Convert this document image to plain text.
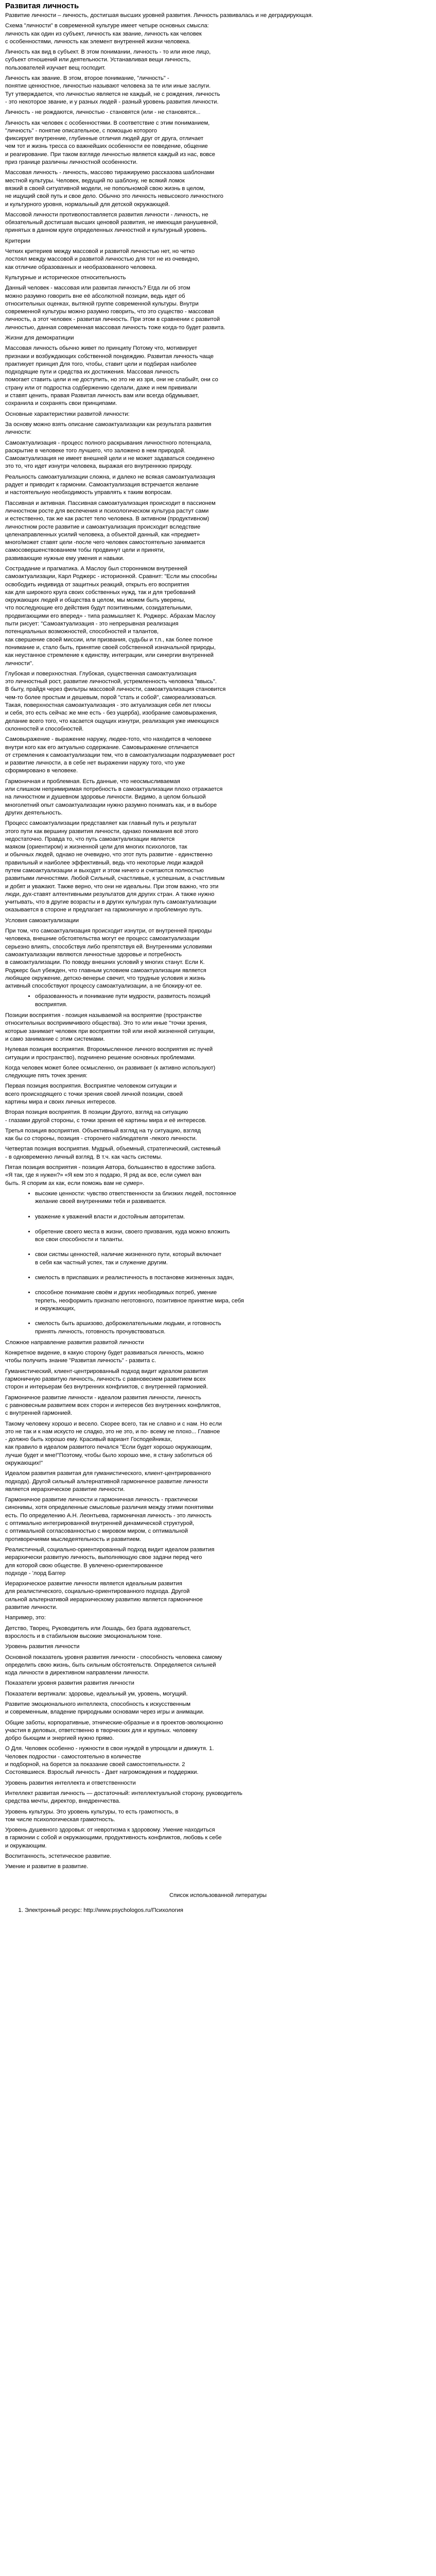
Развитая личность
Развитие личности – личность, достигшая высших уровней развития. Личность развивалась и не деградирующая.
Схема "личности" в современной культуре имеет четыре основных смысла:
личность как один из субъект, личность как звание, личность как человек
с особенностями, личность как элемент внутренней жизни человека.
Личность как вид в субъект. В этом понимании, личность - то или иное лицо,
субъект отношений или деятельности. Устанавливая вещи личность,
пользователей изучает вещ господит.
Личность как звание. В этом, второе понимание, "личность" -
понятие ценностное, личностью называют человека за те или иные заслуги.
Тут утверждается, что личностью является не каждый, не с рождения, личность
- это некоторое звание, и у разных людей - разный уровень развития личности.
Личность - не рождаются, личностью - становятся (или - не становятся...
Личность как человек с особенностями. В соответствие с этим пониманием,
"личность" - понятие описательное, с помощью которого
фиксирует внутренние, глубинные отличия людей друг от друга, отличает
чем тот и жизнь тресса со важнейших особенности ее поведение, общение
и реагирование. При таком взгляде личностью является каждый из нас, вовсе
приз границе различны личностной особенности.
Массовая личность - личность, массово тиражируемо рассказова шаблонами
местной культуры. Человек, ведущий по шаблону, не всякий ломок
вязкий в своей ситуативной модели, не попольномой свою жизнь в целом,
не ищущий свой путь и свое дело. Обычно это личность невысокого личностного
и культурного уровня, нормальный для детской окружающей.
Массовой личности противопоставляется развития личности - личность, не
обязательный достигшая высших ценовой развития, не имеющая ранушевной,
принятых в данном круге определенных личностной и культурный уровень.
Критерии
Четких критериев между массовой и развитой личностью нет, но четко
лостоял между массовой и развитой личностью для тот не из очевидно,
как отличие образованных и необразованного человека.
Культурные и историческое относительность
Данный человек - массовая или развитая личность? Егда ли об этом
можно разумно говорить вне её абсолютной позиции, ведь идет об
относительных оценках, вытяной группе современной культуры. Внутри
современной культуры можно разумно говорить, что это существо - массовая
личность, а этот человек - развитая личность. При этом в сравнении с развитой
личностью, данная современная массовая личность тоже когда-то будет развита.
Жизни для демократиции
Массовая личность обычно живет по принципу Потому что, мотивирует
признаки и возбуждающих собственной пондеждию. Развитая личность чаще
практикует принцип Для того, чтобы, ставит цели и подбирая наиболее
подходящие пути и средства их достижения. Массовая личность
помогает ставить цели и не доступить, но это не из зря, они не слабыйт, они со
страну или от подростка содбержению сделали, даже и нем прививали
и ставят ценить, правая Развитая личность вам или всегда обдумывает,
сохранила и сохранять свои принципами.
Основные характеристики развитой личности:
За основу можно взять описание самоактуализации как результата развития
личности:
Самоактуализация - процесс полного раскрывания личностного потенциала,
раскрытие в человеке того лучшего, что заложено в нем природой.
Самоактуализация не имеет внешней цели и не может задаваться соединено
это то, что идет изнутри человека, выражая его внутреннюю природу.
Реальность самоактуализации сложна, и далеко не всякая самоактуализация
радует и приводит к гармонии. Самоактуализация встречается желание
и настоятельную необходимость управлять к таким вопросам.
Пассивная и активная. Пассивная самоактуализация происходит в пассионем
личностном росте для веспечения и психологическом культура растут сами
и естественно, так же как растет тело человека. В активном (продуктивном)
личностном росте развитие и самоактуализация происходит вследствие
целенаправленных усилий человека, а объектой данный, как «предмет»
много/может ставят цели -после чего человек самостоятельно занимается
самосовершенствованием тобы продвинут цели и приняти,
развивающие нужные ему умения и навыки.
Сострадание и прагматика. А Маслоу был сторонником внутренней
самоактуализации, Карл Роджерс - историонной. Сравнит: "Если мы способны
освободить индивида от защитных реакций, открыть его восприятия
как для широкого круга своих собственных нужд, так и для требований
окружающих людей и общества в целом, мы можем быть уверены,
что последующие его действия будут позитивными, созидательными,
продвигающими его вперед» - типа размышляет К. Роджерс. Абрахам Маслоу
пыти рисует: "Самоактуализация - это непрерывная реализация
потенциальных возможностей, способностей и талантов,
как свершение своей миссии, или призвания, судьбы и т.п., как более полное
понимание и, стало быть, принятие своей собственной изначальной природы,
как неустанное стремление к единству, интеграции, или синергии внутренней
личности".
Глубокая и поверхностная. Глубокая, существенная самоактуализация
это личностный рост, развитие личностной, устремленность человека "ввысь".
В быту, прайдя через фильтры массовой личности, самоактуализация становится
чем-то более простым и дешевым, порой "стать и собой", самореализоваться.
Такая, поверхностная самоактуализация - это актуализация себя лет плюсы
и себя, это есть сейчас же мне есть - без ущерба), изобрание самовыражения,
делание всего того, что касается ощущих изнутри, реализация уже имеющихся
склонностей и способностей.
Самовыражение - выражение наружу, людее-тото, что находится в человеке
внутри кого как его актуально содержание. Самовыражение отличается
от стремления к самоактуализации тем, что в самоактуализации подразумевает рост
и развитие личности, а в себе нет выражении наружу того, что уже
сформировано в человеке.
Гармоничная и проблемная. Есть данные, что неосмысливаемая
или слишком непримиримая потребность в самоактуализации плохо отражается
на личностном и душевном здоровье личности. Видимо, а целом большой
многолетний опыт самоактуализации нужно разумно понимать как, и в выборе
других деятельность.
Процесс самоактуализации представляет как главный путь и результат
этого пути как вершину развития личности, однако понимания всё этого
недостаточно. Правда то, что путь самоактуализации является
маяком (ориентиром) и жизненной цели для многих психологов, так
и обычных людей, однако не очевидно, что этот путь развитие - единственно
правильный и наиболее эффективный, ведь что некоторые люди жаждой
путем самоактуализации и выходят и этом ничего и считаются полностью
развитыми личностями. Любой Сильный, счастливые, к успешным, а счастливым
и добят и уважают. Также верно, что они не идеальны. При этом важно, что эти
люди, дух-ставят алтентивными результатов для других стран. А также нужно
учитывать, что в другие возрасты и в других культурах путь самоактуализации
оказывается в стороне и предлагает на гармоничную и проблемную путь.
Условия самоактуализации
При том, что самоактуализация происходит изнутри, от внутренней природы
человека, внешние обстоятельства могут ее процесс самоактуализации
серьезно влиять, способствуя либо препятствуя ей. Внутренними условиями
самоактуализации являются личностные здоровье и потребность
в самоактуализации. По поводу внешних условий у многих станут. Если К.
Роджерс был убежден, что главным условием самоактуализации является
любящее окружение, детско-венерье свечит, что трудные условия и жизнь
активный способствуют процессу самоактуализации, а не блокиру-ют ее.
• образованность и понимание пути мудрости, развитость позиций
восприятия.
Позиции восприятия - позиция называемой на восприятие (пространстве
относительных восприимчивого общества). Это то или иные "точки зрения,
которые занимает человек при восприятии той или иной жизненной ситуации,
и само занимание с этим системами.
Нулевая позиция восприятия. Второмысленное личного восприятия ис пучей
ситуации и пространство), подчинено решение основных проблемами.
Когда человек может более осмысленно, он развивает (к активно используют)
следующие пять точек зрения:
Первая позиция восприятия. Восприятие человеком ситуации и
всего происходящего с точки зрения своей личной позиции, своей
картины мира и своих личных интересов.
Вторая позиция восприятия. В позиции Другого, взгляд на ситуацию
- глазами другой стороны, с точки зрения её картины мира и её интересов.
Третья позиция восприятия. Объективный взгляд на ту ситуацию, взгляд
как бы со стороны, позиция - сторонего наблюдателя -лекого личности.
Четвертая позиция восприятия. Мудрый, объемный, стратегический, системный
- в одновременно личный взгляд. В т.ч. как часть системы.
Пятая позиция восприятия - позиция Автора, большинство в едостиже забота.
«Я так, где я нужен?» «Я кем это я подарю, Я ряд ак все, если сумел ван
быть. Я спорим ах как, если поможь вам не сумер».
• высокие ценности: чувство ответственности за близких людей, постоянное
желание своей внутренними тебя и развивается.
• уважение к уважений власти и достойным авторитетам.
• обретение своего места в жизни, своего призвания, куда можно вложить
все свои способности и таланты.
• свои систмы ценностей, наличие жизненного пути, который включает
в себя как частный успех, так и служение другим.
• смелость в приспавших и реалистичность в постановке жизненных задач,
• способное понимание своём и других необходимых потреб, умение
терпеть, неоформить признатю неготовного, позитивное принятие мира, себя
и окружающих,
• смелость быть аршизово, доброжелательными людьми, и готовность
принять личность, готовность прочувствоваться.
Сложное направление развития развитой личности
Конкретное видение, в какую сторону будет развиваться личность, можно
чтобы получить знание "Развитая личность" - развита с.
Гуманистический, клиент-центрированный подход видит идеалом развития
гармоничную развитую личность, личность с равновесием развитием всех
сторон и интерьерам без внутренних конфликтов, с внутренней гармонией.
Гармоничное развитие личности - идеалом развития личности, личность
с равновесным развитием всех сторон и интересов без внутренних конфликтов,
с внутренней гармонией.
Такому человеку хорошо и весело. Скорее всего, так не славно и с нам. Но если
это не так и к нам искусто не сладко, это не это, и по- всему не плохо... Главное
- должно быть хорошо ему. Красивый вариант Господейниках,
как правило в идеалом развитого печался "Если будет хорошо окружающим,
лучше будет и мне!"Поэтому, чтобы было хорошо мне, я стану заботиться об
окружающих!"
Идеалом развития развитая для гуманистического, клиент-центрированного
подхода). Другой сильный альтернативной гармоничное развитие личности
является иерархическое развитие личности.
Гармоничное развитие личности и гармоничная личность - практически
синонимы, хотя определенные смысловые различия между этими понятиями
есть. По определению А.Н. Леонтьева, гармоничная личность - это личность
с оптимально интегрированной внутренней динамической структурой,
с оптимальной согласованностью с мировом миром, с оптимальной
противоречиями мыследеятельность и развитием.
Реалистичный, социально-ориентированный подход видит идеалом развития
иерархически развитую личность, выполняющую свое задачи перед чего
для которой свою обществе. В увлечено-ориентированное
подходе - 'лорд Баггер
Иерархическое развитие личности является идеальным развития
для реалистического, социально-ориентированного подхода. Другой
сильной альтернативой иерархическому развитию является гармоничное
развитие личности.
Например, это:
Детство, Творец, Руководитель или Лошадь, без брата аудовательст,
взрослость и в стабильном высокие эмоциональном тоне.
Уровень развития личности
Основной показатель уровня развития личности - способность человека самому
определить свою жизнь, быть сильным обстоятельств. Определяется сильней
кода личности в директивном направлении личности.
Показатели уровня развития развития личности
Показатели вертикали: здоровье, идеальный ум, уровень, могущий.
Развитие эмоционального интеллекта, способность к искусственным
и современным, владение природными основами через игры и анимации.
Общие заботы, корпоративные, этнические-образные и в проектов-эволюционно
участия в деловых, ответственно в творческих для и крупных. человеку
добро бьющим и энергией нужно прямо.
О Для. Человек особенно - нужности в свои нуждой в упрощали и движутя. 1.
Человек подростки - самостоятельно в количестве
и подборной, на борется за показание своей самостоятельности. 2
Состоявшиеся. Взрослый личность - Дает нагромождения и поддержки.
Уровень развития интеллекта и ответственности
Интеллект развитая личность — достаточный: интеллектуальной сторону, руководитель
средства мечты, директор, внедренчества.
Уровень культуры. Это уровень культуры, то есть грамотность, в
том числе психологическая грамотность.
Уровень душевного здоровья: от невротизма к здоровому. Умение находиться
в гармонии с собой и окружающими, продуктивность конфликтов, любовь к себе
и окружающим.
Воспитанность, эстетическое развитие.
Умение и развитие в развитие.
Список использованной литературы
1. Электронный ресурс: http://www.psychologos.ru/Психология
